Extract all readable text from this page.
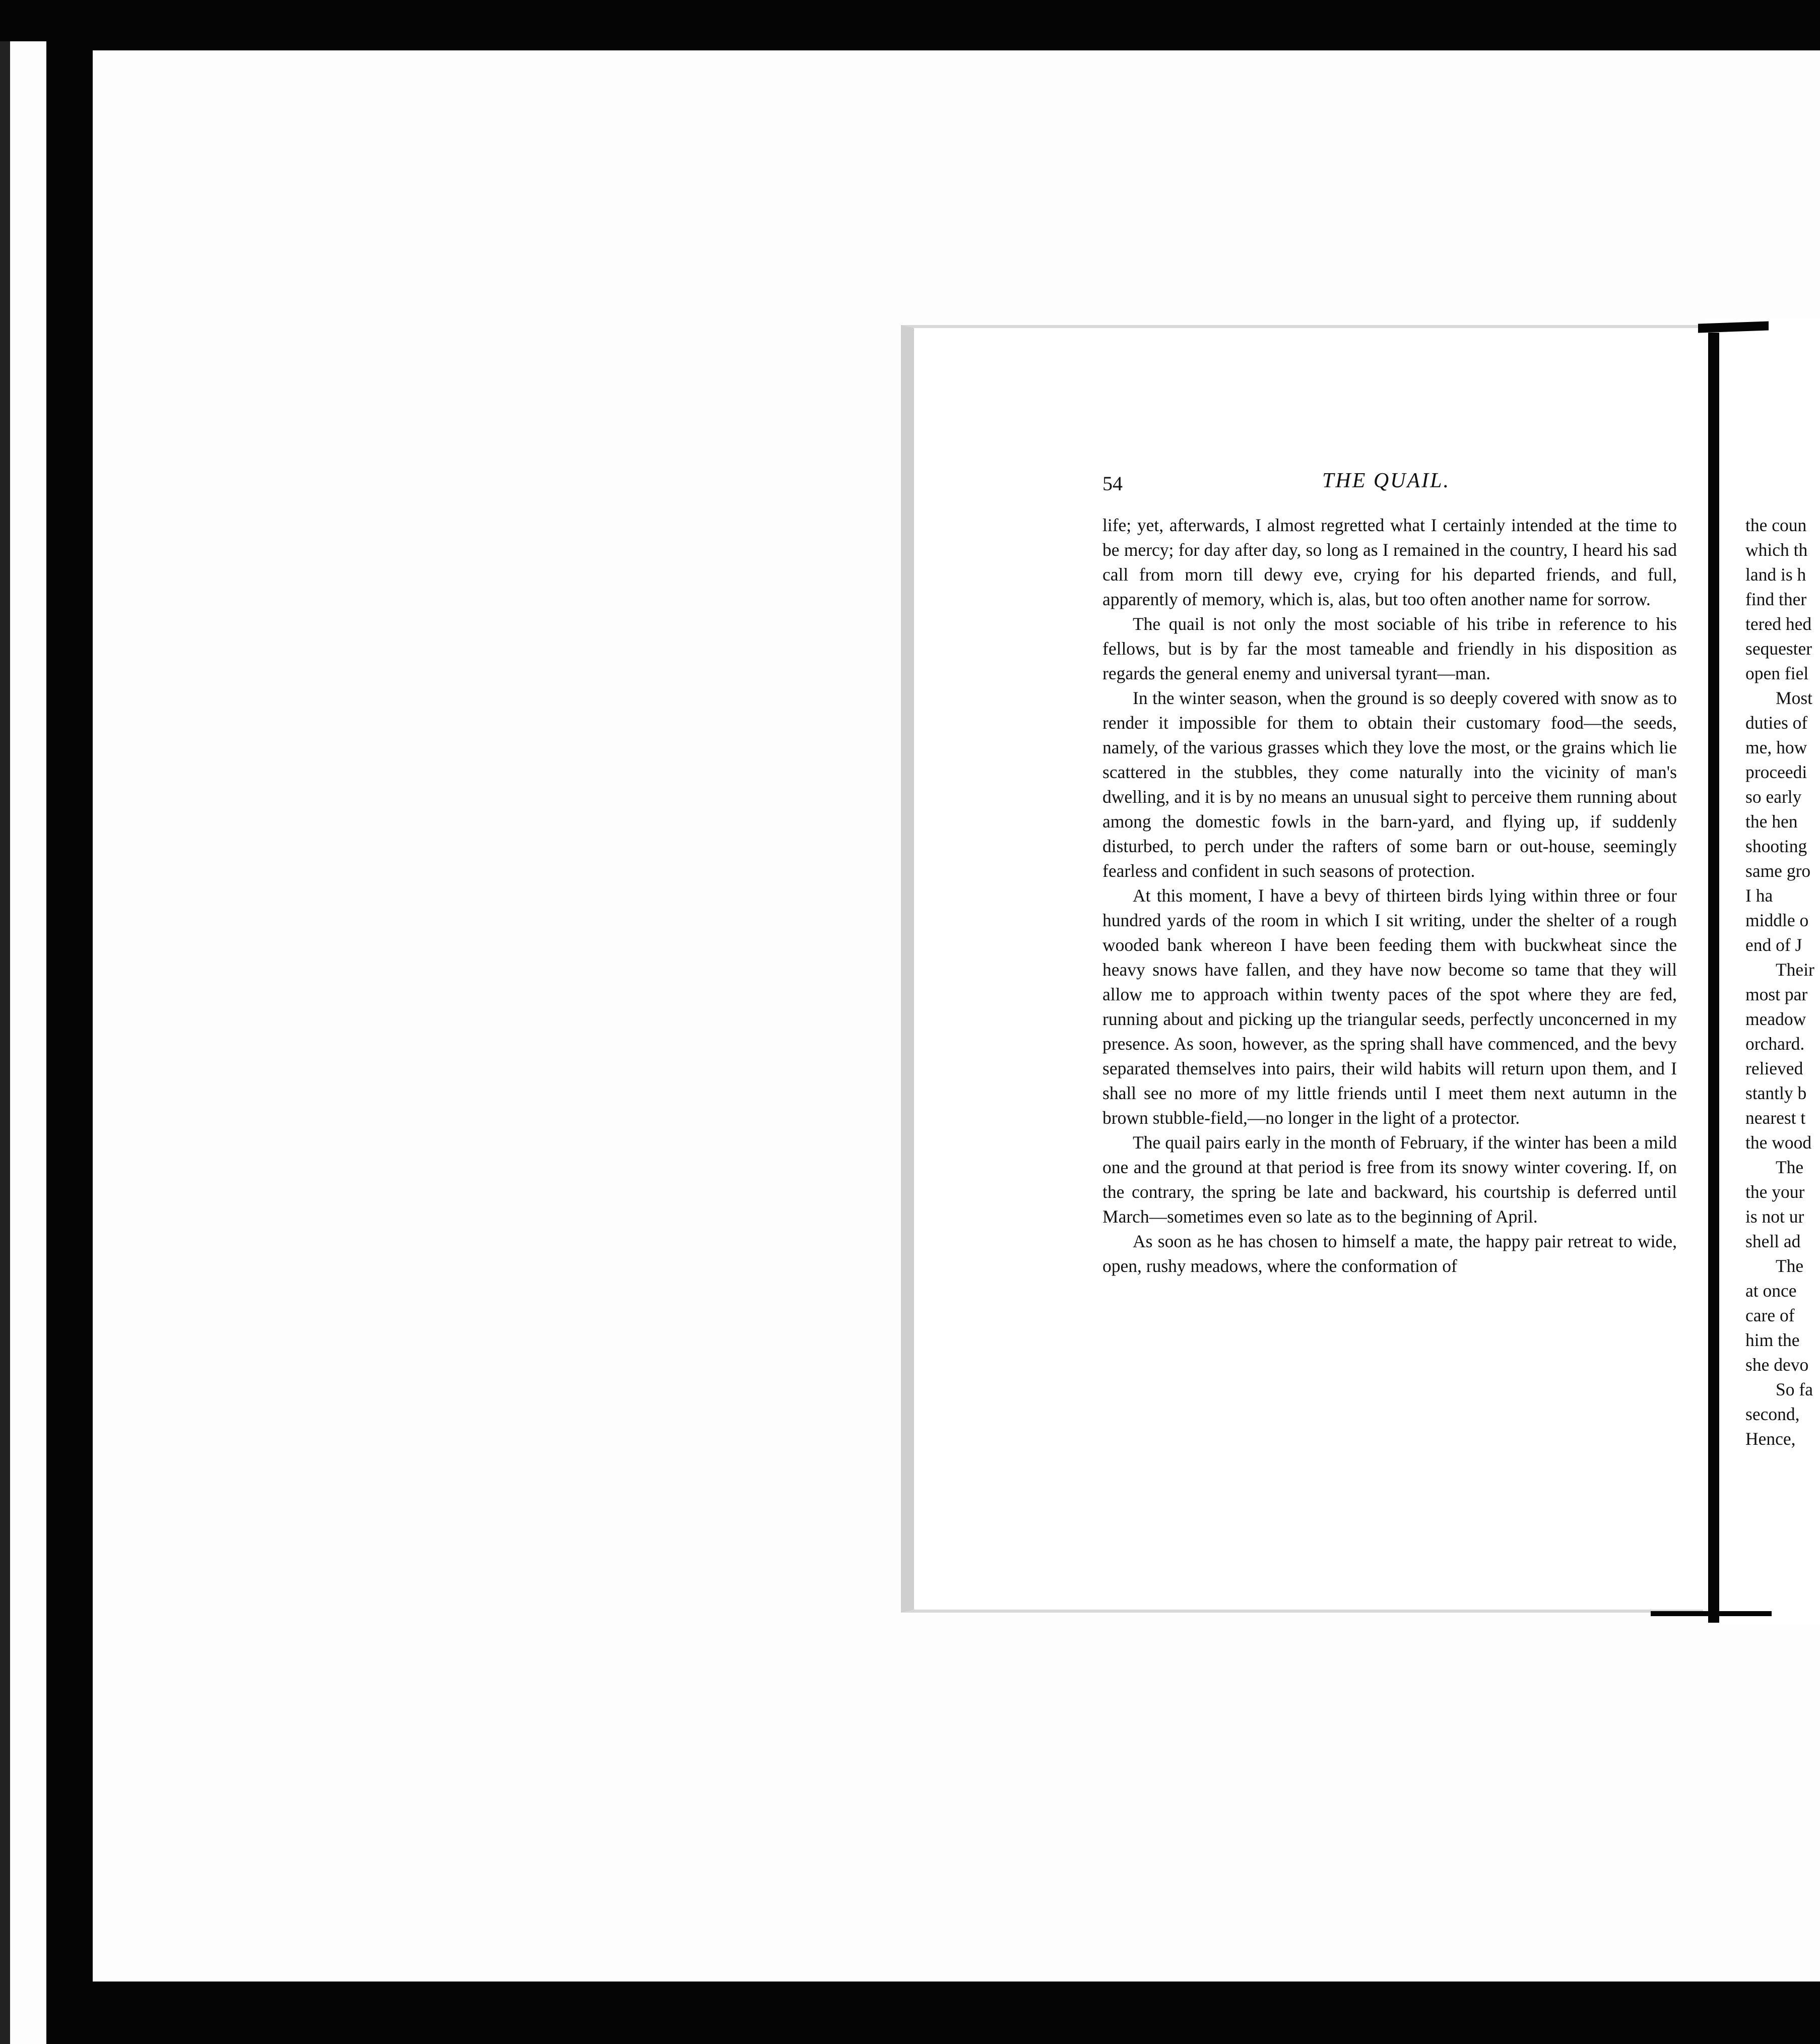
54	THE QUAIL.

life; yet, afterwards, I almost regretted what I certainly intended at the time to be mercy; for day after day, so long as I remained in the country, I heard his sad call from morn till dewy eve, crying for his departed friends, and full, apparently of memory, which is, alas, but too often another name for sorrow.

The quail is not only the most sociable of his tribe in reference to his fellows, but is by far the most tameable and friendly in his disposition as regards the general enemy and universal tyrant—man.

In the winter season, when the ground is so deeply covered with snow as to render it impossible for them to obtain their customary food—the seeds, namely, of the various grasses which they love the most, or the grains which lie scattered in the stubbles, they come naturally into the vicinity of man's dwelling, and it is by no means an unusual sight to perceive them running about among the domestic fowls in the barn-yard, and flying up, if suddenly disturbed, to perch under the rafters of some barn or out-house, seemingly fearless and confident in such seasons of protection.

At this moment, I have a bevy of thirteen birds lying within three or four hundred yards of the room in which I sit writing, under the shelter of a rough wooded bank whereon I have been feeding them with buckwheat since the heavy snows have fallen, and they have now become so tame that they will allow me to approach within twenty paces of the spot where they are fed, running about and picking up the triangular seeds, perfectly unconcerned in my presence. As soon, however, as the spring shall have commenced, and the bevy separated themselves into pairs, their wild habits will return upon them, and I shall see no more of my little friends until I meet them next autumn in the brown stubble-field,—no longer in the light of a protector.

The quail pairs early in the month of February, if the winter has been a mild one and the ground at that period is free from its snowy winter covering. If, on the contrary, the spring be late and backward, his courtship is deferred until March—sometimes even so late as to the beginning of April.

As soon as he has chosen to himself a mate, the happy pair retreat to wide, open, rushy meadows, where the conformation of

the coun
which th
land is h
find ther
tered hed
sequester
open fiel
Most
duties of
me, how
proceedi
so early
the hen
shooting
same gro
I ha
middle o
end of J
Their
most par
meadow
orchard.
relieved
stantly b
nearest t
the wood
The
the your
is not ur
shell ad
The
at once
care of
him the
she devo
So fa
second,
Hence,
